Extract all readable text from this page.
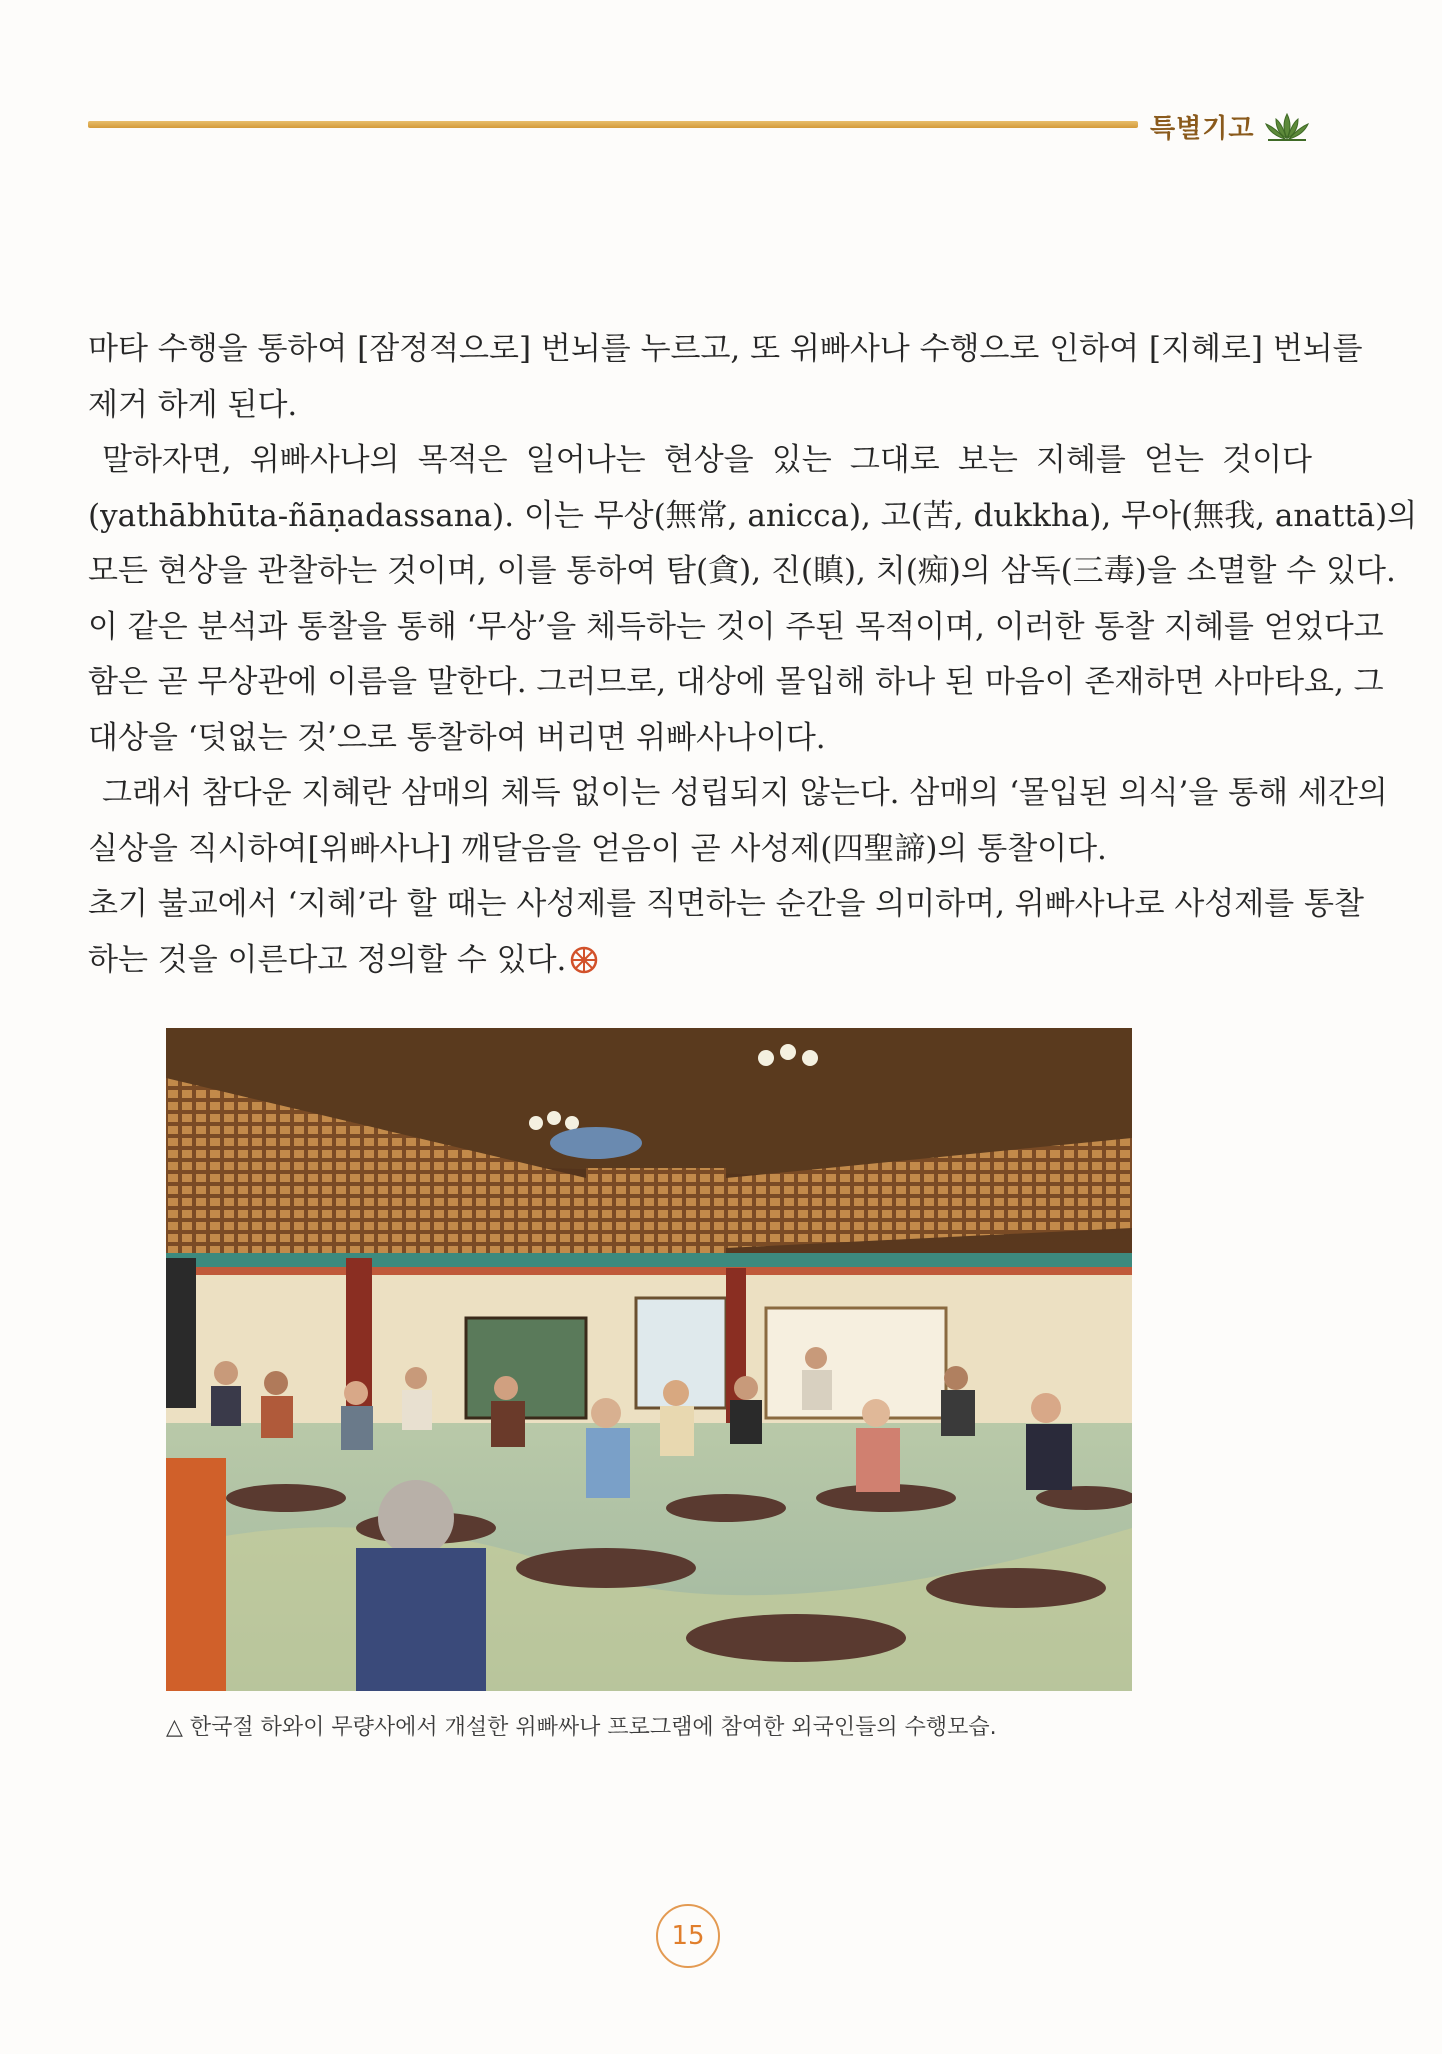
특별기고

마타 수행을 통하여 [잠정적으로] 번뇌를 누르고, 또 위빠사나 수행으로 인하여 [지혜로] 번뇌를

제거 하게 된다.

말하자면, 위빠사나의 목적은 일어나는 현상을 있는 그대로 보는 지혜를 얻는 것이다

(yathābhūta-ñāṇadassana). 이는 무상(無常, anicca), 고(苦, dukkha), 무아(無我, anattā)의

모든 현상을 관찰하는 것이며, 이를 통하여 탐(貪), 진(瞋), 치(痴)의 삼독(三毒)을 소멸할 수 있다.

이 같은 분석과 통찰을 통해 ‘무상’을 체득하는 것이 주된 목적이며, 이러한 통찰 지혜를 얻었다고

함은 곧 무상관에 이름을 말한다. 그러므로, 대상에 몰입해 하나 된 마음이 존재하면 사마타요, 그

대상을 ‘덧없는 것’으로 통찰하여 버리면 위빠사나이다.

그래서 참다운 지혜란 삼매의 체득 없이는 성립되지 않는다. 삼매의 ‘몰입된 의식’을 통해 세간의

실상을 직시하여[위빠사나] 깨달음을 얻음이 곧 사성제(四聖諦)의 통찰이다.

초기 불교에서 ‘지혜’라 할 때는 사성제를 직면하는 순간을 의미하며, 위빠사나로 사성제를 통찰

하는 것을 이른다고 정의할 수 있다.

△ 한국절 하와이 무량사에서 개설한 위빠싸나 프로그램에 참여한 외국인들의 수행모습.
15
